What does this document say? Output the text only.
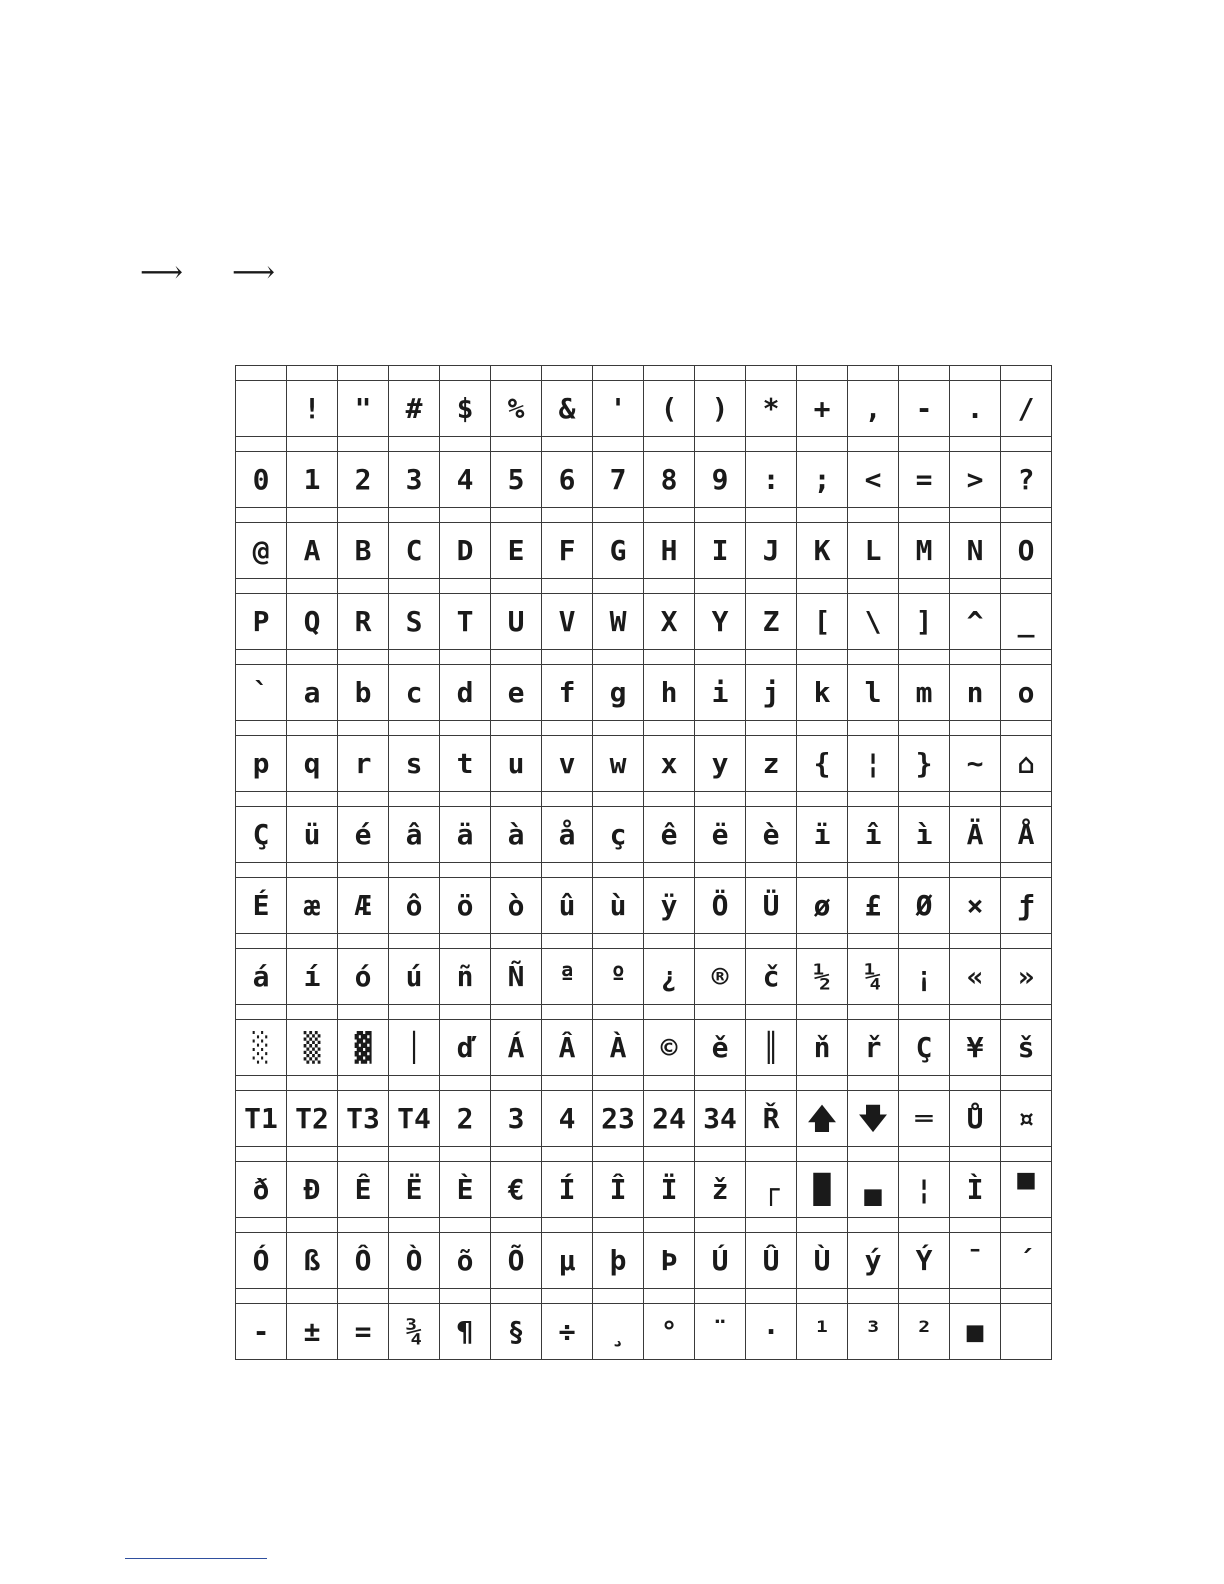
⟶ ⟶

	!	"	#	$	%	&	'	(	)	*	+	,	-	.	/

0	1	2	3	4	5	6	7	8	9	:	;	<	=	>	?

@	A	B	C	D	E	F	G	H	I	J	K	L	M	N	O

P	Q	R	S	T	U	V	W	X	Y	Z	[	\	]	^	_

`	a	b	c	d	e	f	g	h	i	j	k	l	m	n	o

p	q	r	s	t	u	v	w	x	y	z	{	¦	}	~	⌂

Ç	ü	é	â	ä	à	å	ç	ê	ë	è	ï	î	ì	Ä	Å

É	æ	Æ	ô	ö	ò	û	ù	ÿ	Ö	Ü	ø	£	Ø	×	ƒ

á	í	ó	ú	ñ	Ñ	ª	º	¿	®	č	½	¼	¡	«	»

░	▒	▓	│	ď	Á	Â	À	©	ě	║	ň	ř	Ç	¥	š

T1	T2	T3	T4	2	3	4	23	24	34	Ř	🡅	🡇	═	Ů	¤

ð	Ð	Ê	Ë	È	€	Í	Î	Ï	ž	┌	█	▄	¦	Ì	▀

Ó	ß	Ô	Ò	õ	Õ	µ	þ	Þ	Ú	Û	Ù	ý	Ý	¯	´

-	±	=	¾	¶	§	÷	¸	°	¨	·	¹	³	²	■	
